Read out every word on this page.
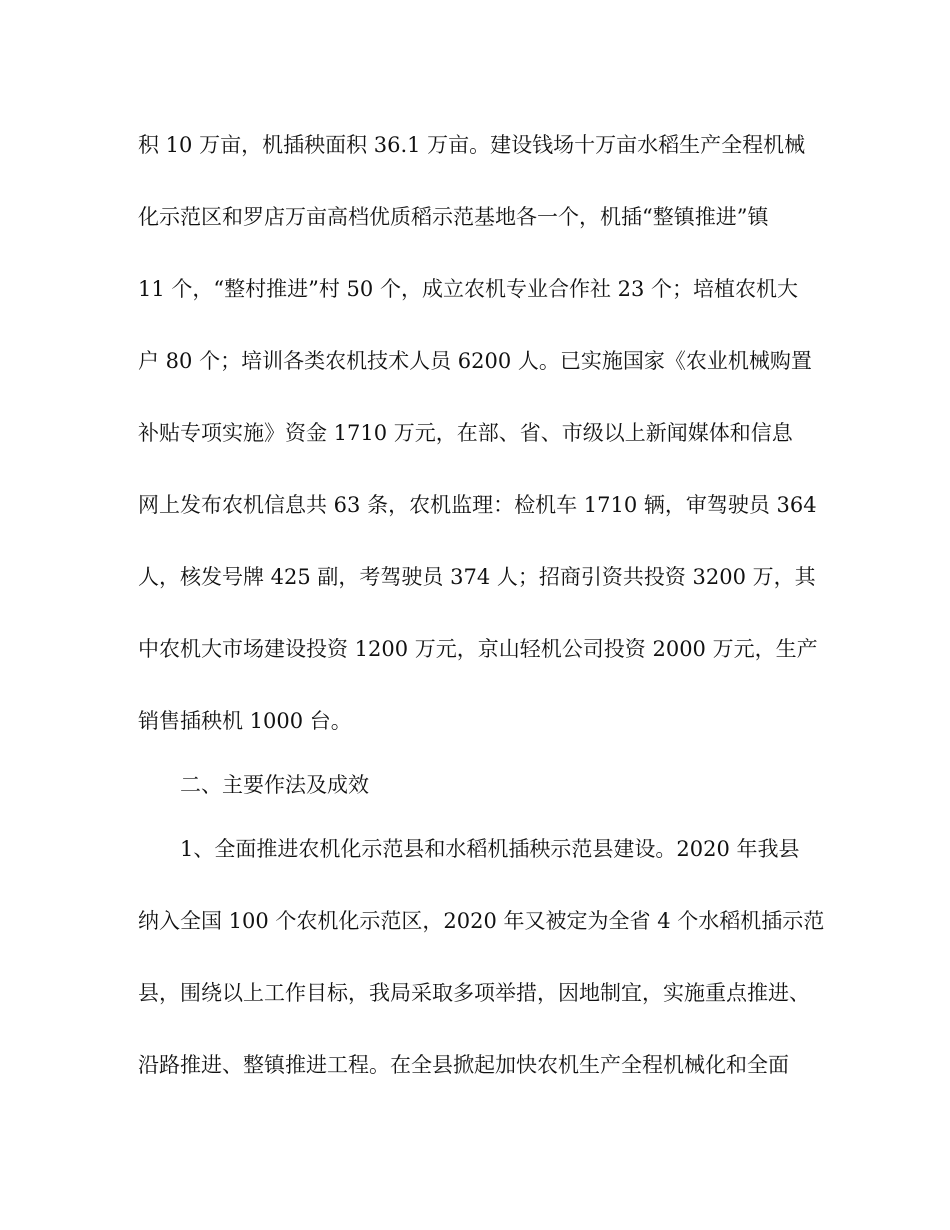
积 10 万亩，机插秧面积 36.1 万亩。建设钱场十万亩水稻生产全程机械
化示范区和罗店万亩高档优质稻示范基地各一个，机插“整镇推进”镇
11 个，“整村推进”村 50 个，成立农机专业合作社 23 个；培植农机大
户 80 个；培训各类农机技术人员 6200 人。已实施国家《农业机械购置
补贴专项实施》资金 1710 万元，在部、省、市级以上新闻媒体和信息
网上发布农机信息共 63 条，农机监理：检机车 1710 辆，审驾驶员 364
人，核发号牌 425 副，考驾驶员 374 人；招商引资共投资 3200 万，其
中农机大市场建设投资 1200 万元，京山轻机公司投资 2000 万元，生产
销售插秧机 1000 台。
二、主要作法及成效
1、全面推进农机化示范县和水稻机插秧示范县建设。2020 年我县
纳入全国 100 个农机化示范区，2020 年又被定为全省 4 个水稻机插示范
县，围绕以上工作目标，我局采取多项举措，因地制宜，实施重点推进、
沿路推进、整镇推进工程。在全县掀起加快农机生产全程机械化和全面
